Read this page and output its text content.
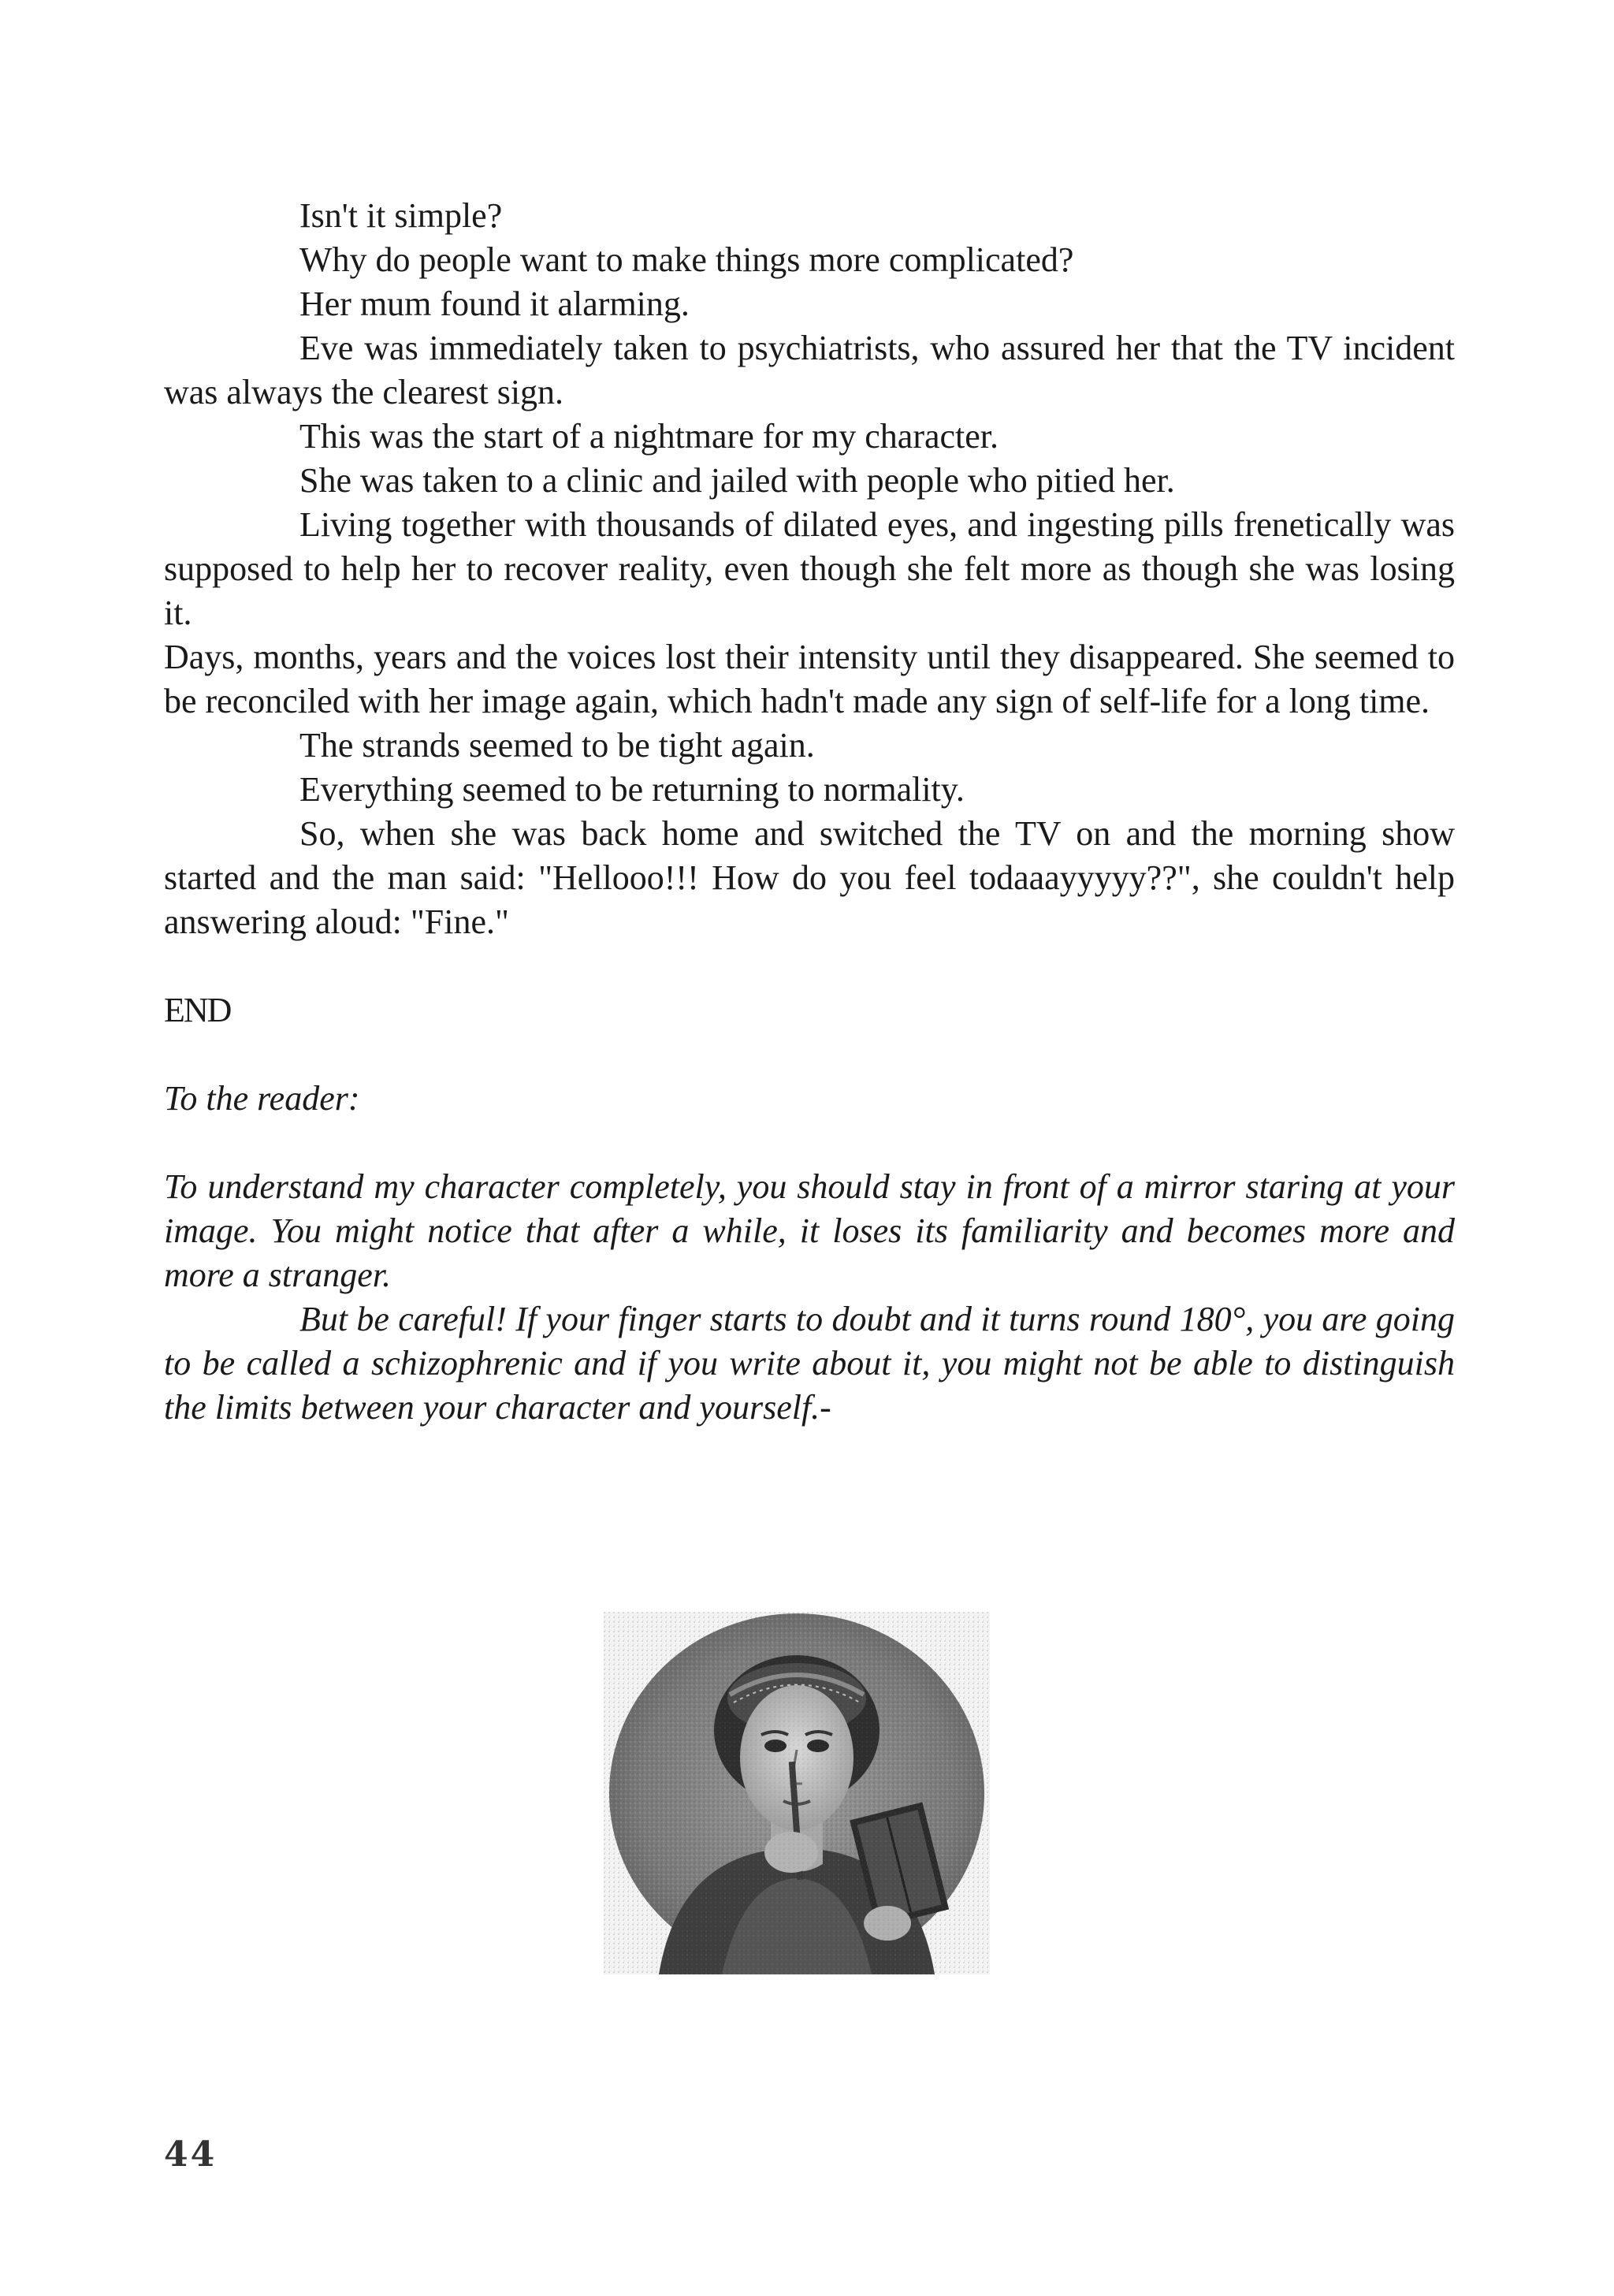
Isn't it simple?

Why do people want to make things more complicated?

Her mum found it alarming.

Eve was immediately taken to psychiatrists, who assured her that the TV incident was always the clearest sign.

This was the start of a nightmare for my character.

She was taken to a clinic and jailed with people who pitied her.

Living together with thousands of dilated eyes, and ingesting pills frenetically was supposed to help her to recover reality, even though she felt more as though she was losing it.

Days, months, years and the voices lost their intensity until they disappeared. She seemed to be reconciled with her image again, which hadn't made any sign of self-life for a long time.

The strands seemed to be tight again.

Everything seemed to be returning to normality.

So, when she was back home and switched the TV on and the morning show started and the man said: "Hellooo!!! How do you feel todaaayyyyy??", she couldn't help answering aloud: "Fine."

END

To the reader:

To understand my character completely, you should stay in front of a mirror staring at your image. You might notice that after a while, it loses its familiarity and becomes more and more a stranger.

But be careful! If your finger starts to doubt and it turns round 180°, you are going to be called a schizophrenic and if you write about it, you might not be able to distinguish the limits between your character and yourself.-

44
